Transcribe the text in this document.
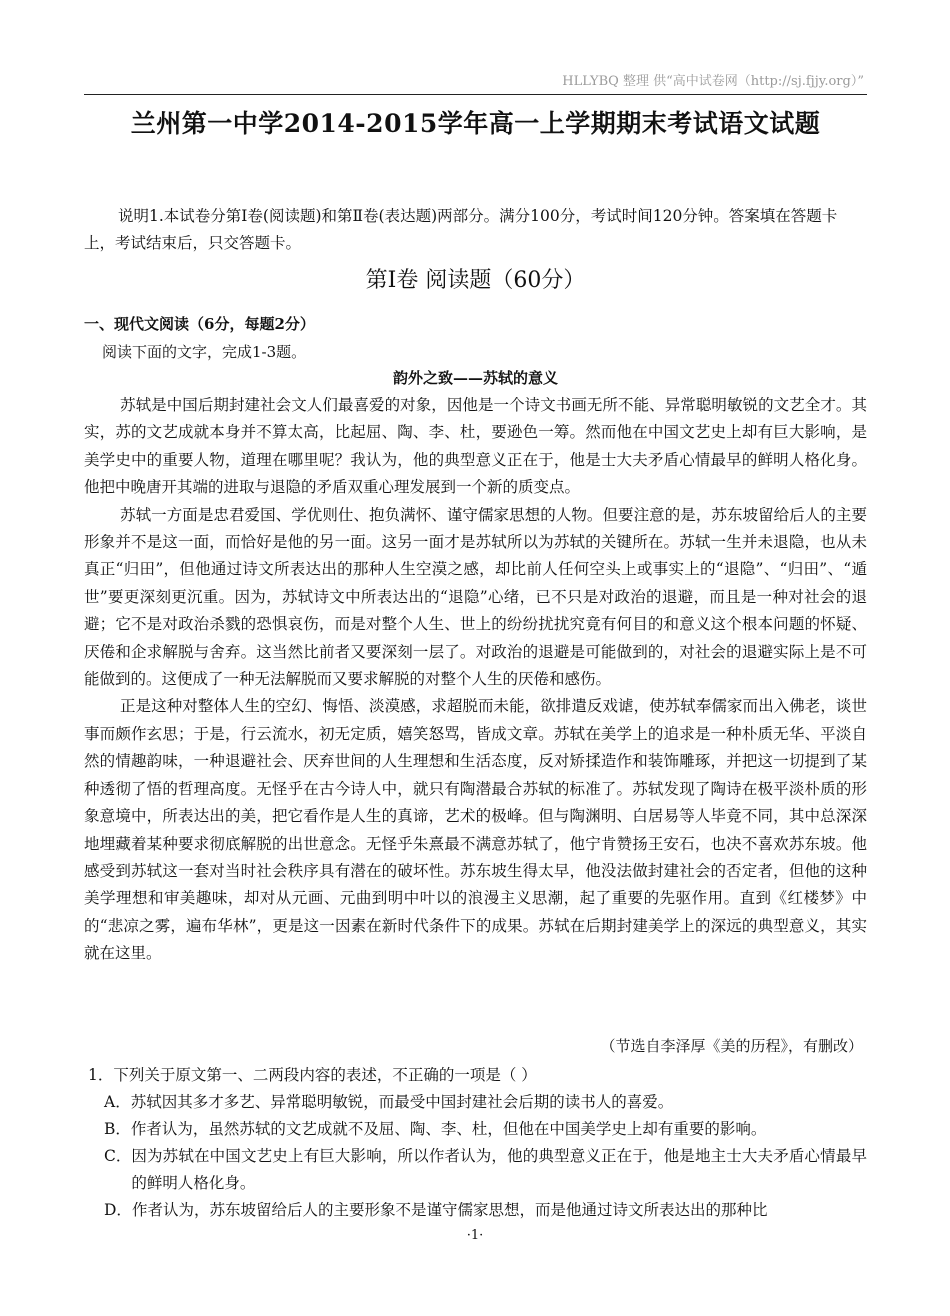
HLLYBQ 整理 供“高中试卷网（http://sj.fjjy.org）”
兰州第一中学2014-2015学年高一上学期期末考试语文试题

说明1.本试卷分第Ⅰ卷(阅读题)和第Ⅱ卷(表达题)两部分。满分100分，考试时间120分钟。答案填在答题卡上，考试结束后，只交答题卡。

第Ⅰ卷 阅读题（60分）
一、现代文阅读（6分，每题2分）
阅读下面的文字，完成1-3题。
韵外之致——苏轼的意义

苏轼是中国后期封建社会文人们最喜爱的对象，因他是一个诗文书画无所不能、异常聪明敏锐的文艺全才。其实，苏的文艺成就本身并不算太高，比起屈、陶、李、杜，要逊色一筹。然而他在中国文艺史上却有巨大影响，是美学史中的重要人物，道理在哪里呢？我认为，他的典型意义正在于，他是士大夫矛盾心情最早的鲜明人格化身。他把中晚唐开其端的进取与退隐的矛盾双重心理发展到一个新的质变点。

苏轼一方面是忠君爱国、学优则仕、抱负满怀、谨守儒家思想的人物。但要注意的是，苏东坡留给后人的主要形象并不是这一面，而恰好是他的另一面。这另一面才是苏轼所以为苏轼的关键所在。苏轼一生并未退隐，也从未真正“归田”，但他通过诗文所表达出的那种人生空漠之感，却比前人任何空头上或事实上的“退隐”、“归田”、“遁世”要更深刻更沉重。因为，苏轼诗文中所表达出的“退隐”心绪，已不只是对政治的退避，而且是一种对社会的退避；它不是对政治杀戮的恐惧哀伤，而是对整个人生、世上的纷纷扰扰究竟有何目的和意义这个根本问题的怀疑、厌倦和企求解脱与舍弃。这当然比前者又要深刻一层了。对政治的退避是可能做到的，对社会的退避实际上是不可能做到的。这便成了一种无法解脱而又要求解脱的对整个人生的厌倦和感伤。

正是这种对整体人生的空幻、悔悟、淡漠感，求超脱而未能，欲排遣反戏谑，使苏轼奉儒家而出入佛老，谈世事而颇作玄思；于是，行云流水，初无定质，嬉笑怒骂，皆成文章。苏轼在美学上的追求是一种朴质无华、平淡自然的情趣韵味，一种退避社会、厌弃世间的人生理想和生活态度，反对矫揉造作和装饰雕琢，并把这一切提到了某种透彻了悟的哲理高度。无怪乎在古今诗人中，就只有陶潜最合苏轼的标准了。苏轼发现了陶诗在极平淡朴质的形象意境中，所表达出的美，把它看作是人生的真谛，艺术的极峰。但与陶渊明、白居易等人毕竟不同，其中总深深地埋藏着某种要求彻底解脱的出世意念。无怪乎朱熹最不满意苏轼了，他宁肯赞扬王安石，也决不喜欢苏东坡。他感受到苏轼这一套对当时社会秩序具有潜在的破坏性。苏东坡生得太早，他没法做封建社会的否定者，但他的这种美学理想和审美趣味，却对从元画、元曲到明中叶以的浪漫主义思潮，起了重要的先驱作用。直到《红楼梦》中的“悲凉之雾，遍布华林”，更是这一因素在新时代条件下的成果。苏轼在后期封建美学上的深远的典型意义，其实就在这里。

（节选自李泽厚《美的历程》，有删改）
1．下列关于原文第一、二两段内容的表述，不正确的一项是（ ）
A． 苏轼因其多才多艺、异常聪明敏锐，而最受中国封建社会后期的读书人的喜爱。
B． 作者认为，虽然苏轼的文艺成就不及屈、陶、李、杜，但他在中国美学史上却有重要的影响。
C． 因为苏轼在中国文艺史上有巨大影响，所以作者认为，他的典型意义正在于，他是地主士大夫矛盾心情最早的鲜明人格化身。
D． 作者认为，苏东坡留给后人的主要形象不是谨守儒家思想，而是他通过诗文所表达出的那种比
·1·
